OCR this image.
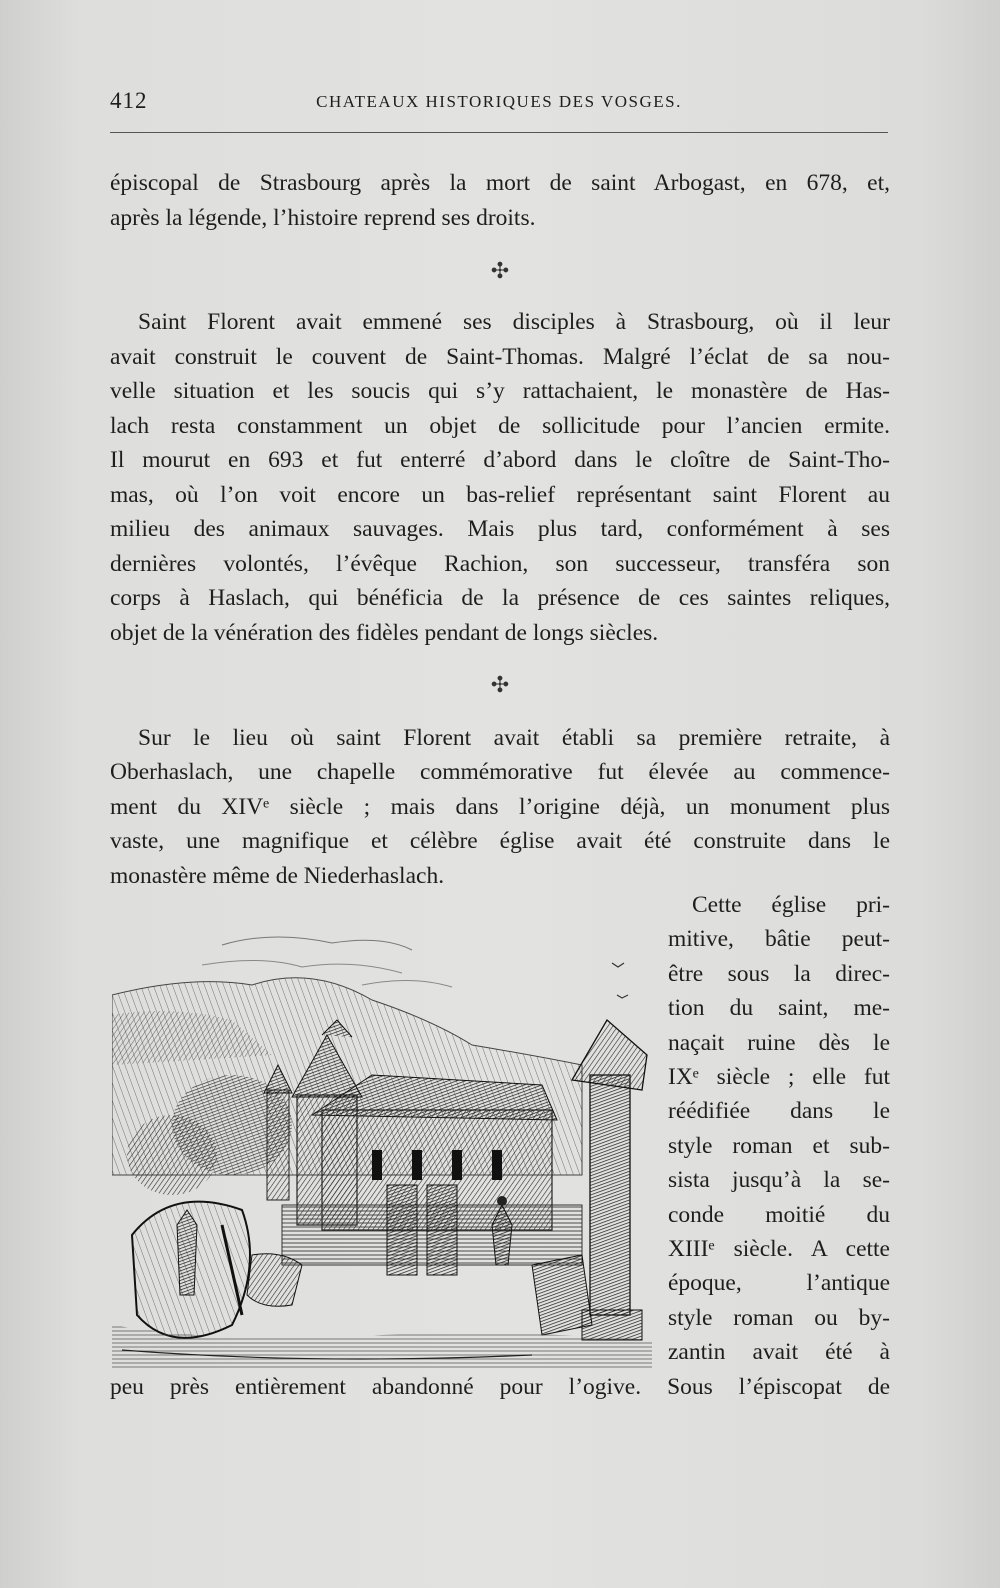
412	CHATEAUX HISTORIQUES DES VOSGES.
épiscopal de Strasbourg après la mort de saint Arbogast, en 678, et,
après la légende, l’histoire reprend ses droits.
✣
Saint Florent avait emmené ses disciples à Strasbourg, où il leur
avait construit le couvent de Saint-Thomas. Malgré l’éclat de sa nou-
velle situation et les soucis qui s’y rattachaient, le monastère de Has-
lach resta constamment un objet de sollicitude pour l’ancien ermite.
Il mourut en 693 et fut enterré d’abord dans le cloître de Saint-Tho-
mas, où l’on voit encore un bas-relief représentant saint Florent au
milieu des animaux sauvages. Mais plus tard, conformément à ses
dernières volontés, l’évêque Rachion, son successeur, transféra son
corps à Haslach, qui bénéficia de la présence de ces saintes reliques,
objet de la vénération des fidèles pendant de longs siècles.
✣
Sur le lieu où saint Florent avait établi sa première retraite, à
Oberhaslach, une chapelle commémorative fut élevée au commence-
ment du XIVᵉ siècle ; mais dans l’origine déjà, un monument plus
vaste, une magnifique et célèbre église avait été construite dans le
monastère même de Niederhaslach.
Cette église pri-
mitive, bâtie peut-
être sous la direc-
tion du saint, me-
naçait ruine dès le
IXᵉ siècle ; elle fut
réédifiée dans le
style roman et sub-
sista jusqu’à la se-
conde moitié du
XIIIᵉ siècle. A cette
époque, l’antique
style roman ou by-
zantin avait été à
peu près entièrement abandonné pour l’ogive. Sous l’épiscopat de
